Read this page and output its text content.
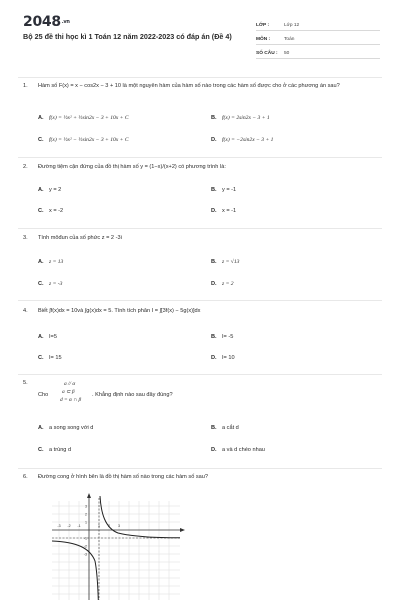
2048.vn
Bộ 25 đề thi học kì 1 Toán 12 năm 2022-2023 có đáp án (Đề 4)
LỚP :	Lớp 12
MÔN :	Toán
SỐ CÂU :	50
1. Hàm số F(x) = x − cos2x − 3 + 10 là một nguyên hàm của hàm số nào trong các hàm số được cho ở các phương án sau?
A. f(x) = ½x² + ½sin2x − 3 + 10x + C	B. f(x) = 2sin2x − 3 + 1
C. f(x) = ½x² − ½sin2x − 3 + 10x + C	D. f(x) = −2sin2x − 3 + 1
2. Đường tiệm cận đứng của đồ thị hàm số y = (1−x)/(x+2) có phương trình là:
A. y = 2	B. y = -1
C. x = -2	D. x = -1
3. Tính môđun của số phức z = 2 -3i
A. z = 13	B. z = √13
C. z = -3	D. z = 2
4. Biết ∫f(x)dx = 10và ∫g(x)dx = 5. Tính tích phân I = ∫[3f(x) − 5g(x)]dx
A. I=5	B. I= -5
C. I= 15	D. I= 10
5.
Cho
a // α
a ⊂ β
d = α ∩ β
. Khẳng định nào sau đây đúng?
A. a song song với d	B. a cắt d
C. a trùng d	D. a và d chéo nhau
6. Đường cong ở hình bên là đồ thị hàm số nào trong các hàm số sau?
-3 -2 -1	1 2 3
3
2
1
-1
-2
-3
